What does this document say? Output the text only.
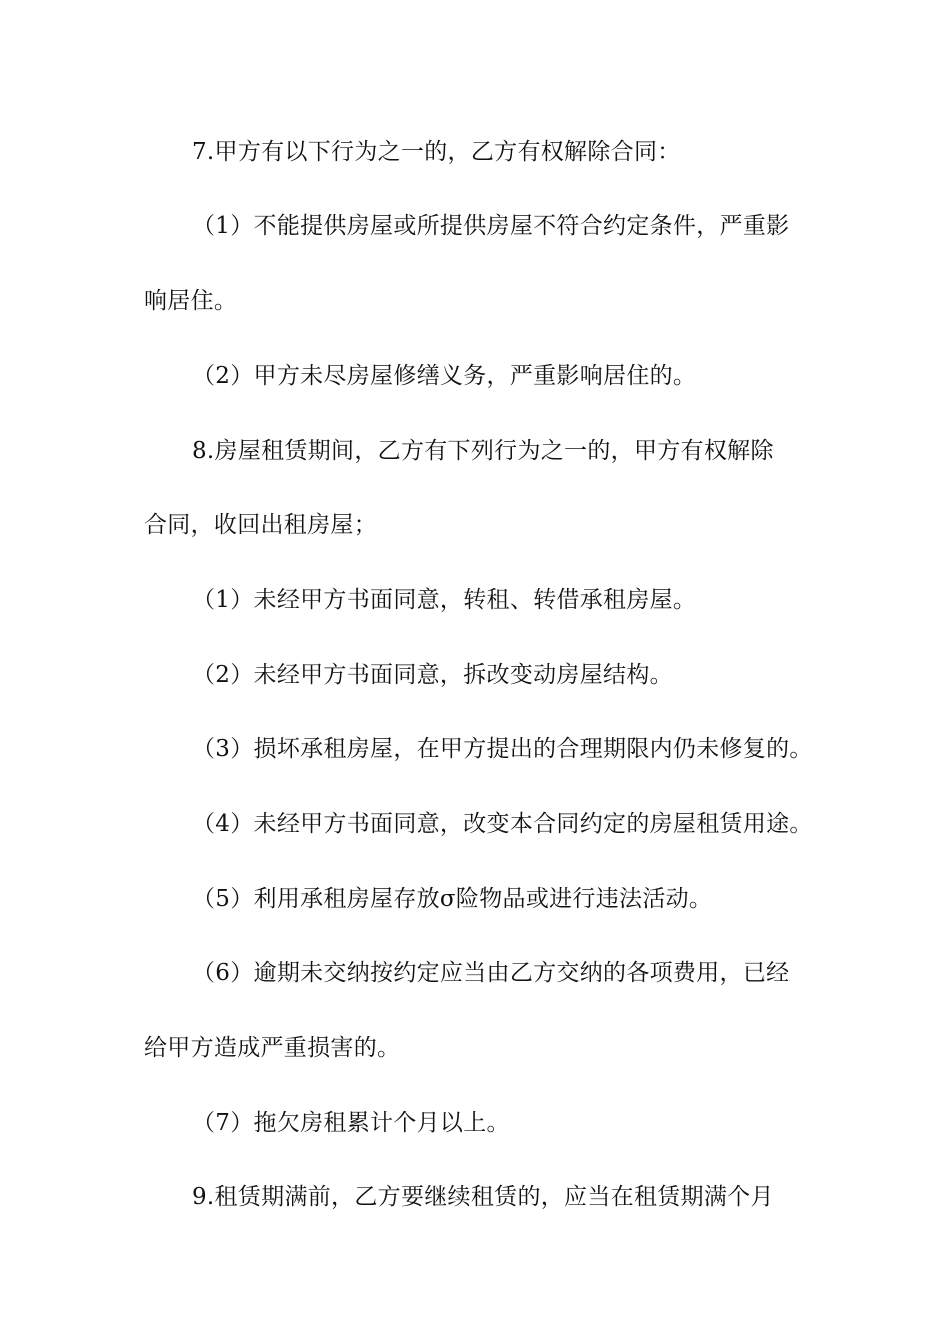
7.甲方有以下行为之一的，乙方有权解除合同：
（1）不能提供房屋或所提供房屋不符合约定条件，严重影
响居住。
（2）甲方未尽房屋修缮义务，严重影响居住的。
8.房屋租赁期间，乙方有下列行为之一的，甲方有权解除
合同，收回出租房屋；
（1）未经甲方书面同意，转租、转借承租房屋。
（2）未经甲方书面同意，拆改变动房屋结构。
（3）损坏承租房屋，在甲方提出的合理期限内仍未修复的。
（4）未经甲方书面同意，改变本合同约定的房屋租赁用途。
（5）利用承租房屋存放σ险物品或进行违法活动。
（6）逾期未交纳按约定应当由乙方交纳的各项费用，已经
给甲方造成严重损害的。
（7）拖欠房租累计个月以上。
9.租赁期满前，乙方要继续租赁的，应当在租赁期满个月
